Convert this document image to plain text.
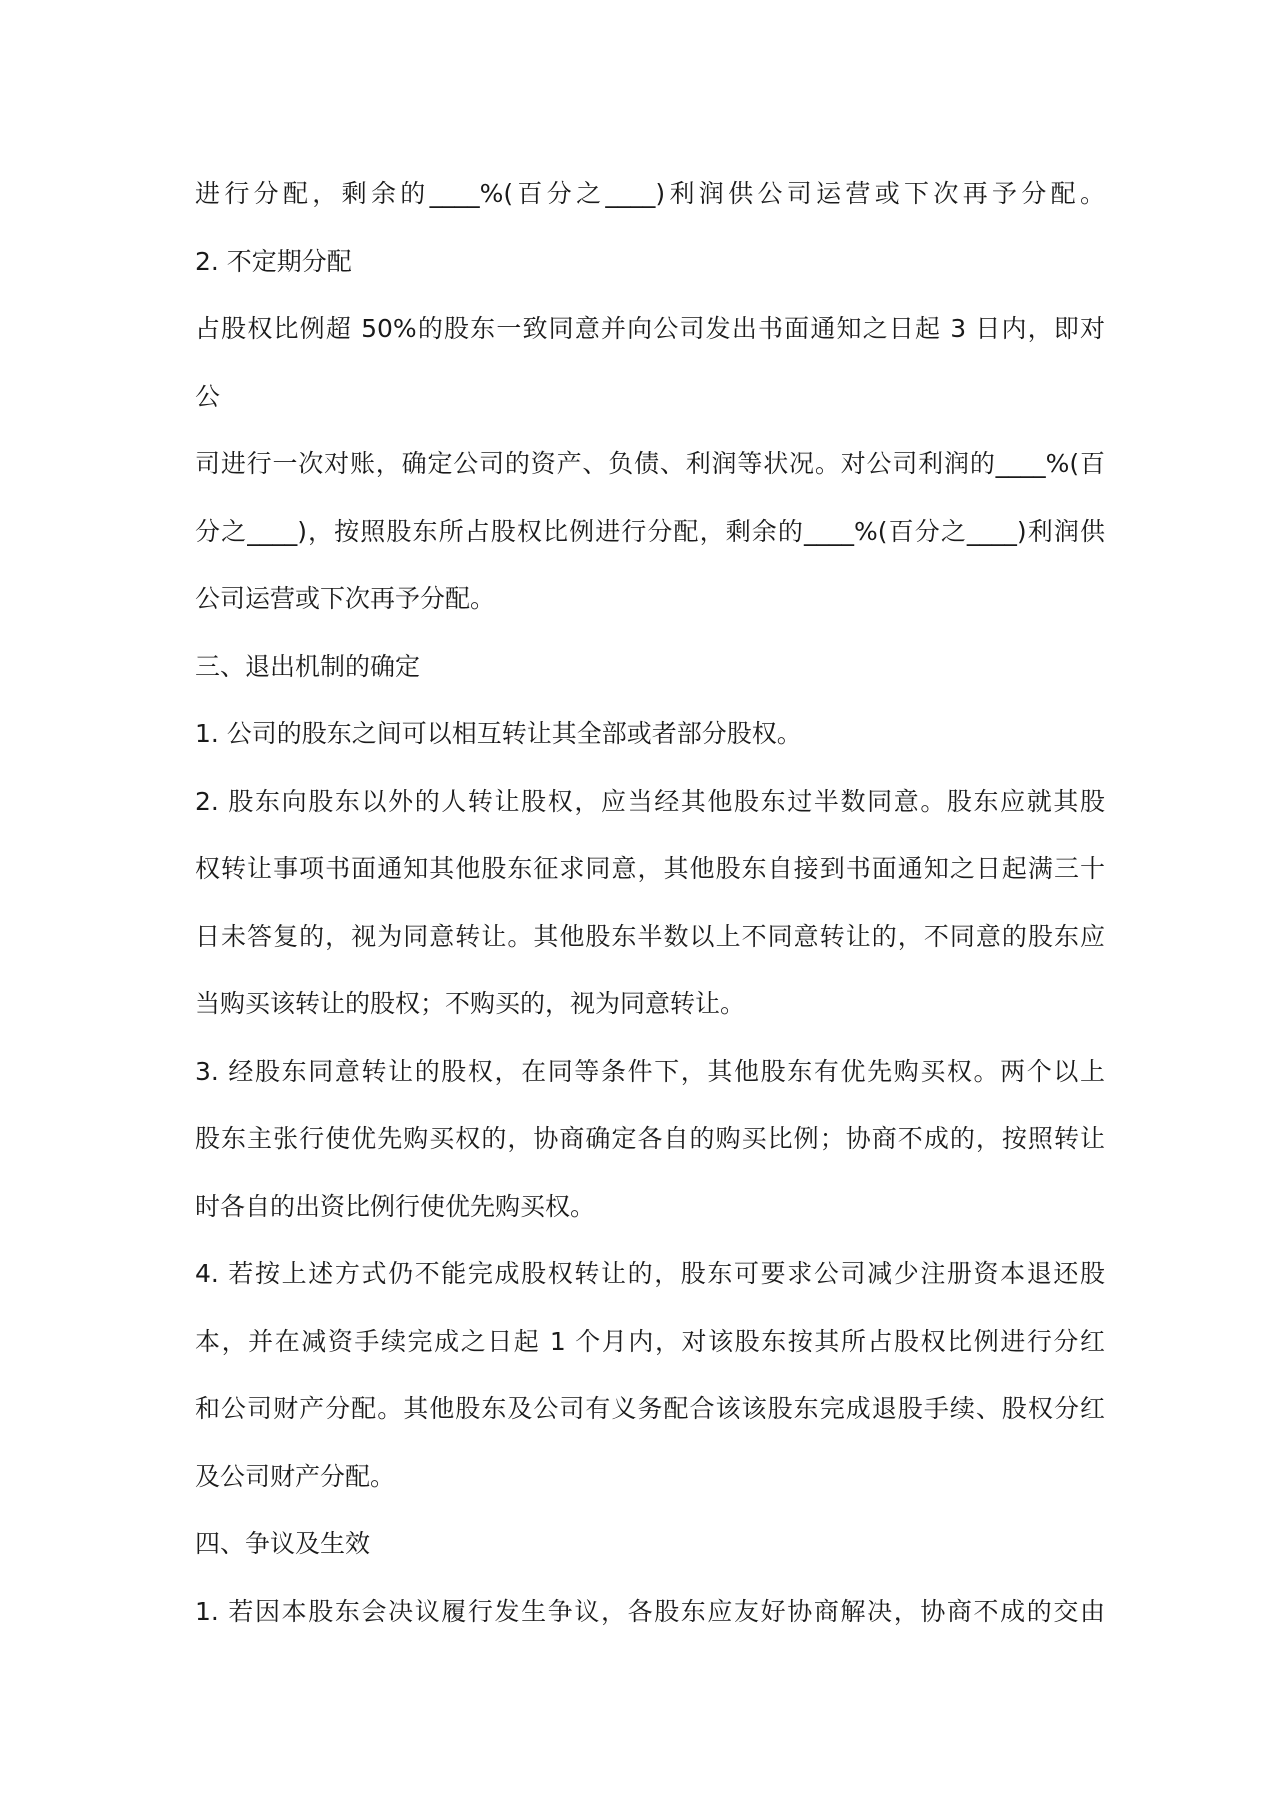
进行分配，剩余的____%(百分之____)利润供公司运营或下次再予分配。
2. 不定期分配
占股权比例超 50%的股东一致同意并向公司发出书面通知之日起 3 日内，即对
公
司进行一次对账，确定公司的资产、负债、利润等状况。对公司利润的____%(百
分之____)，按照股东所占股权比例进行分配，剩余的____%(百分之____)利润供
公司运营或下次再予分配。
三、退出机制的确定
1. 公司的股东之间可以相互转让其全部或者部分股权。
2. 股东向股东以外的人转让股权，应当经其他股东过半数同意。股东应就其股
权转让事项书面通知其他股东征求同意，其他股东自接到书面通知之日起满三十
日未答复的，视为同意转让。其他股东半数以上不同意转让的，不同意的股东应
当购买该转让的股权；不购买的，视为同意转让。
3. 经股东同意转让的股权，在同等条件下，其他股东有优先购买权。两个以上
股东主张行使优先购买权的，协商确定各自的购买比例；协商不成的，按照转让
时各自的出资比例行使优先购买权。
4. 若按上述方式仍不能完成股权转让的，股东可要求公司减少注册资本退还股
本，并在减资手续完成之日起 1 个月内，对该股东按其所占股权比例进行分红
和公司财产分配。其他股东及公司有义务配合该该股东完成退股手续、股权分红
及公司财产分配。
四、争议及生效
1. 若因本股东会决议履行发生争议，各股东应友好协商解决，协商不成的交由
